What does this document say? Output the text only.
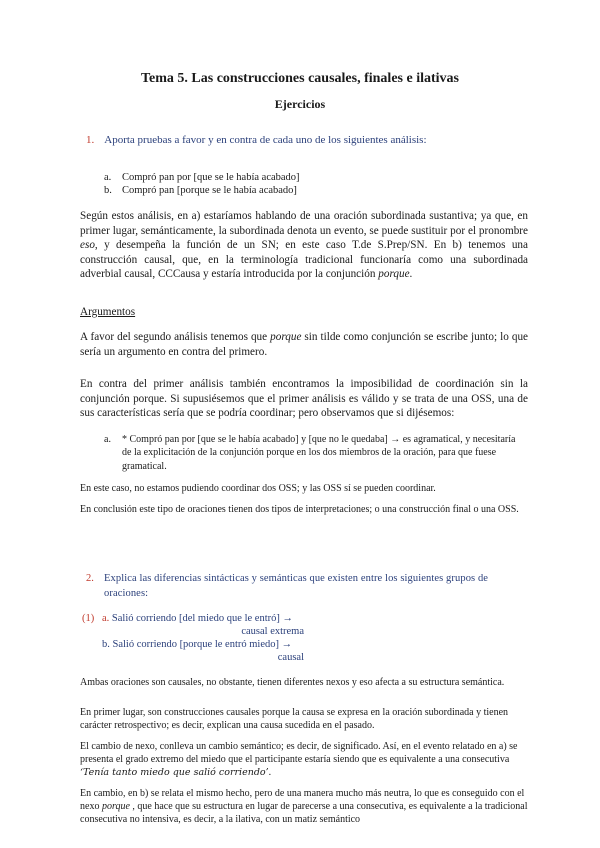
Tema 5. Las construcciones causales, finales e ilativas

Ejercicios

1. Aporta pruebas a favor y en contra de cada uno de los siguientes análisis:

a. Compró pan por [que se le había acabado]
b. Compró pan [porque se le había acabado]

Según estos análisis, en a) estaríamos hablando de una oración subordinada sustantiva; ya que, en primer lugar, semánticamente, la subordinada denota un evento, se puede sustituir por el pronombre eso, y desempeña la función de un SN; en este caso T.de S.Prep/SN. En b) tenemos una construcción causal, que, en la terminología tradicional funcionaría como una subordinada adverbial causal, CCCausa y estaría introducida por la conjunción porque.

Argumentos

A favor del segundo análisis tenemos que porque sin tilde como conjunción se escribe junto; lo que sería un argumento en contra del primero.

En contra del primer análisis también encontramos la imposibilidad de coordinación sin la conjunción porque. Si supusiésemos que el primer análisis es válido y se trata de una OSS, una de sus características sería que se podría coordinar; pero observamos que si dijésemos:

a. * Compró pan por [que se le había acabado] y [que no le quedaba] → es agramatical, y necesitaría de la explicitación de la conjunción porque en los dos miembros de la oración, para que fuese gramatical.

En este caso, no estamos pudiendo coordinar dos OSS; y las OSS sí se pueden coordinar.

En conclusión este tipo de oraciones tienen dos tipos de interpretaciones; o una construcción final o una OSS.

2. Explica las diferencias sintácticas y semánticas que existen entre los siguientes grupos de oraciones:
(1) a. Salió corriendo [del miedo que le entró] →
causal extrema
b. Salió corriendo [porque le entró miedo] →
causal

Ambas oraciones son causales, no obstante, tienen diferentes nexos y eso afecta a su estructura semántica.

En primer lugar, son construcciones causales porque la causa se expresa en la oración subordinada y tienen carácter retrospectivo; es decir, explican una causa sucedida en el pasado.

El cambio de nexo, conlleva un cambio semántico; es decir, de significado. Así, en el evento relatado en a) se presenta el grado extremo del miedo que el participante estaría siendo que es equivalente a una consecutiva ‘Tenía tanto miedo que salió corriendo’.

En cambio, en b) se relata el mismo hecho, pero de una manera mucho más neutra, lo que es conseguido con el nexo porque , que hace que su estructura en lugar de parecerse a una consecutiva, es equivalente a la tradicional consecutiva no intensiva, es decir, a la ilativa, con un matiz semántico
